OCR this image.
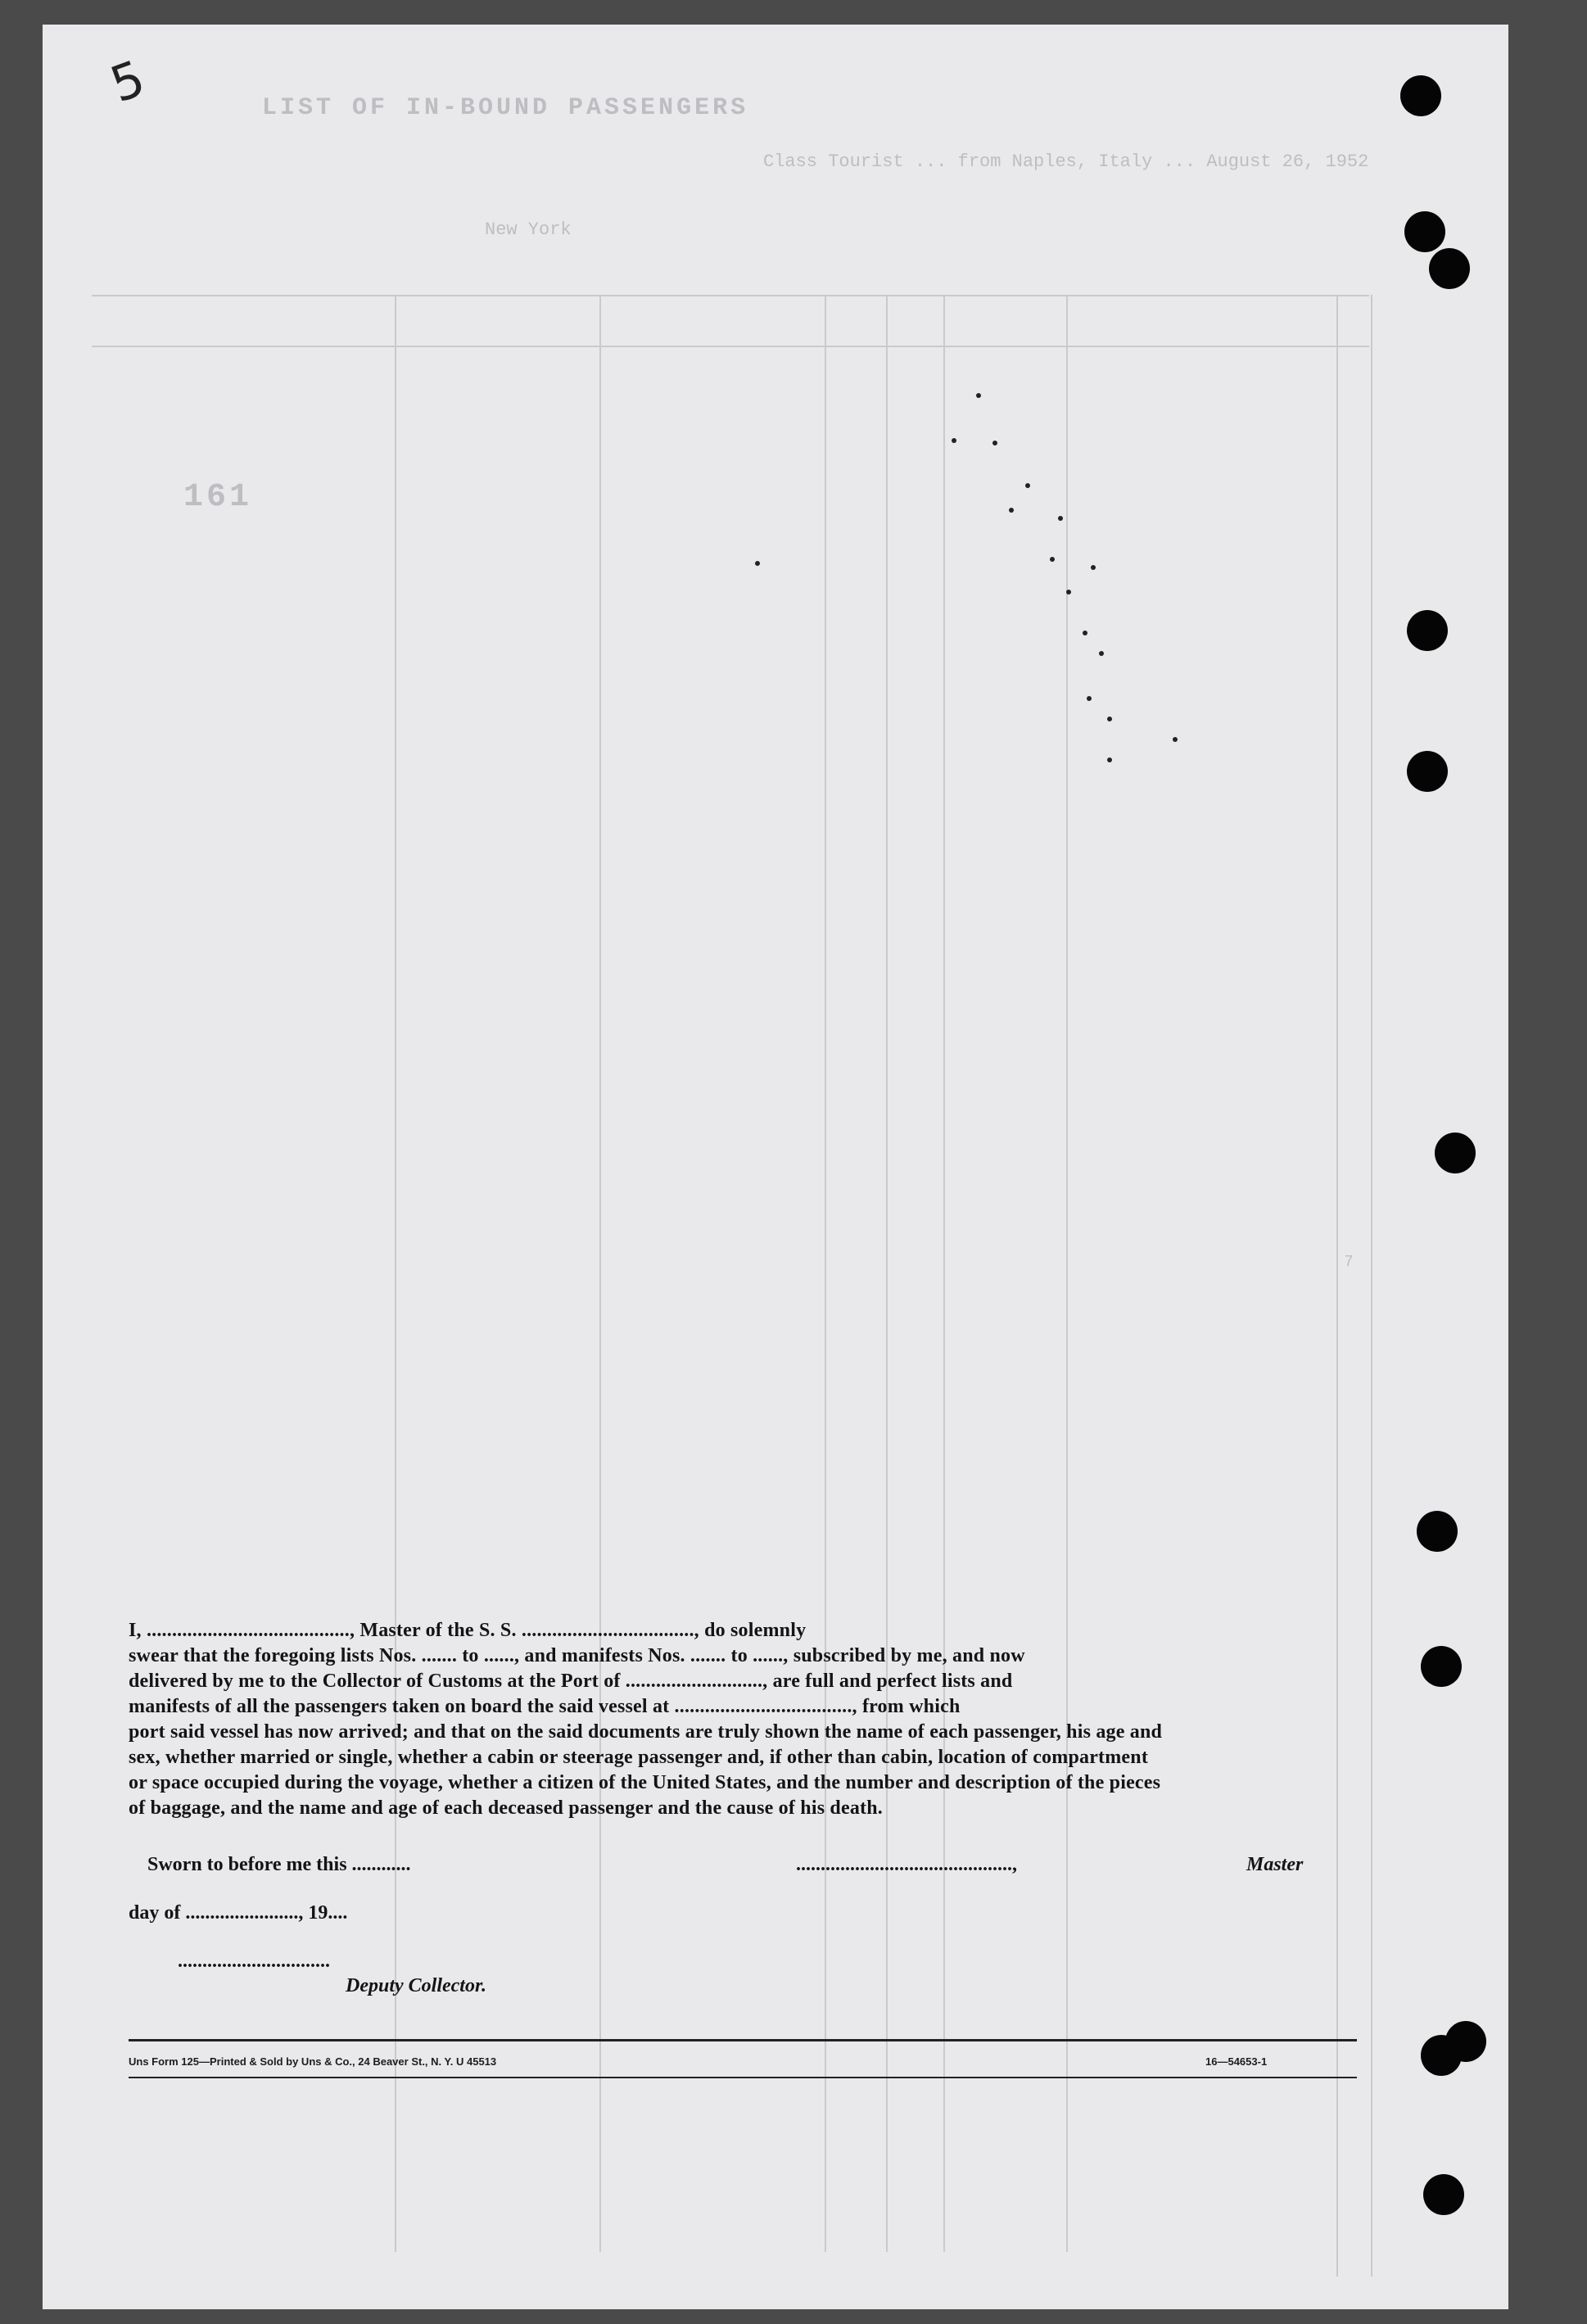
LIST OF IN-BOUND PASSENGERS
Class Tourist ... from Naples, Italy ... August 26, 1952
New York
161
7
5
I, ........................................, Master of the S. S. .................................., do solemnly
swear that the foregoing lists Nos. ....... to ......, and manifests Nos. ....... to ......, subscribed by me, and now
delivered by me to the Collector of Customs at the Port of ..........................., are full and perfect lists and
manifests of all the passengers taken on board the said vessel at ..................................., from which
port said vessel has now arrived; and that on the said documents are truly shown the name of each passenger, his age and
sex, whether married or single, whether a cabin or steerage passenger and, if other than cabin, location of compartment
or space occupied during the voyage, whether a citizen of the United States, and the number and description of the pieces
of baggage, and the name and age of each deceased passenger and the cause of his death.
Sworn to before me this ............	............................................,	Master
day of ......................., 19....
...............................
Deputy Collector.
Uns Form 125—Printed & Sold by Uns & Co., 24 Beaver St., N. Y. U 45513	16—54653-1
